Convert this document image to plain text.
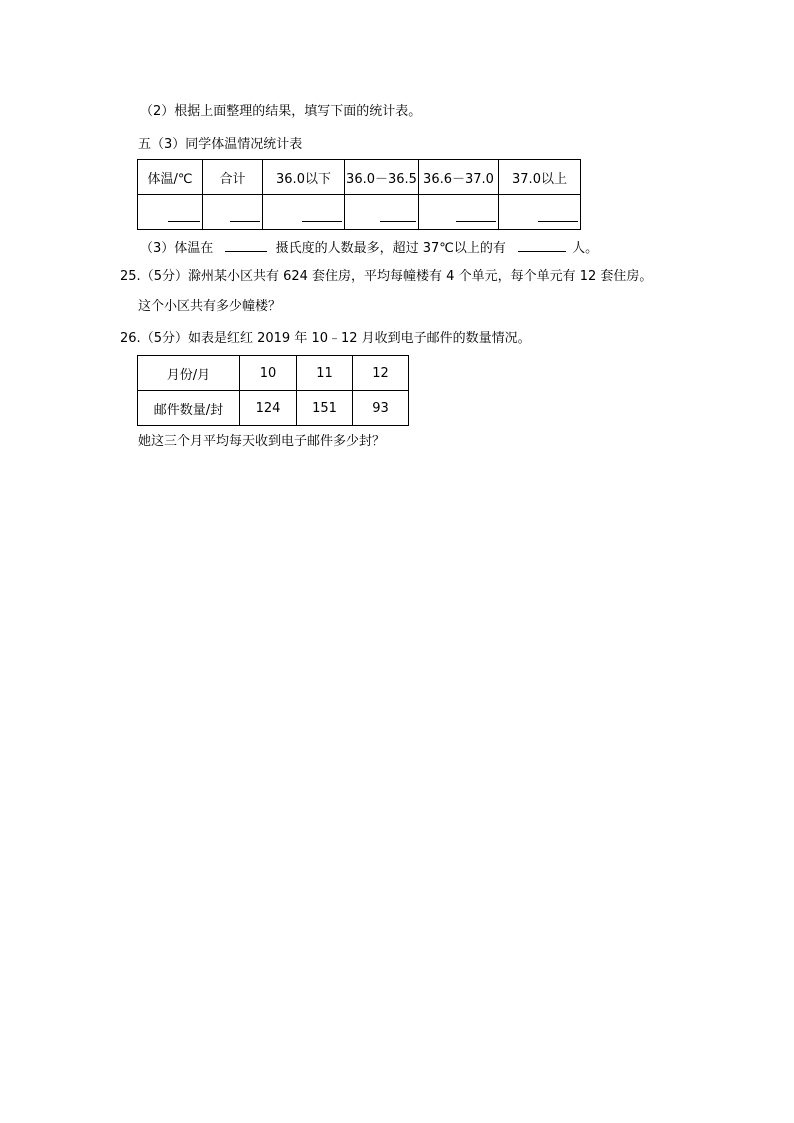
（2）根据上面整理的结果，填写下面的统计表。
五（3）同学体温情况统计表
体温/℃	合计	36.0以下	36.0－36.5	36.6－37.0	37.0以上

（3）体温在	摄氏度的人数最多，超过 37℃以上的有	人。
25.（5分）滁州某小区共有 624 套住房，平均每幢楼有 4 个单元，每个单元有 12 套住房。
这个小区共有多少幢楼？
26.（5分）如表是红红 2019 年 10﹣12 月收到电子邮件的数量情况。
月份/月	10	11	12
邮件数量/封	124	151	93
她这三个月平均每天收到电子邮件多少封？
